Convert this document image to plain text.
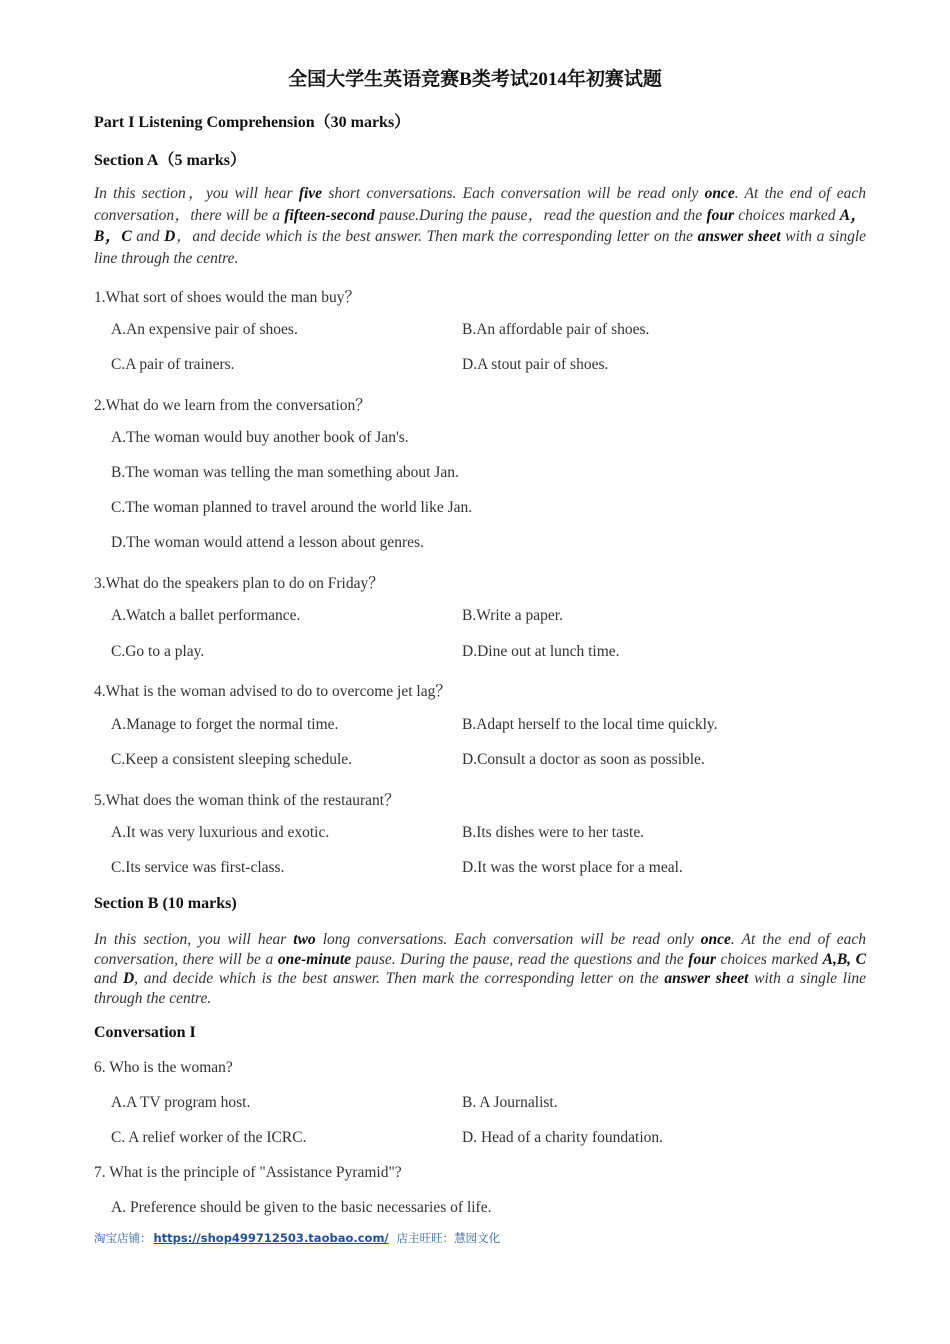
全国大学生英语竞赛B类考试2014年初赛试题
Part I Listening Comprehension（30 marks）
Section A（5 marks）
In this section，you will hear five short conversations. Each conversation will be read only once. At the end of each conversation，there will be a fifteen-second pause.During the pause，read the question and the four choices marked A，B，C and D，and decide which is the best answer. Then mark the corresponding letter on the answer sheet with a single line through the centre.
1.What sort of shoes would the man buy？
A.An expensive pair of shoes.	B.An affordable pair of shoes.
C.A pair of trainers.	D.A stout pair of shoes.
2.What do we learn from the conversation？
A.The woman would buy another book of Jan's.
B.The woman was telling the man something about Jan.
C.The woman planned to travel around the world like Jan.
D.The woman would attend a lesson about genres.
3.What do the speakers plan to do on Friday？
A.Watch a ballet performance.	B.Write a paper.
C.Go to a play.	D.Dine out at lunch time.
4.What is the woman advised to do to overcome jet lag？
A.Manage to forget the normal time.	B.Adapt herself to the local time quickly.
C.Keep a consistent sleeping schedule.	D.Consult a doctor as soon as possible.
5.What does the woman think of the restaurant？
A.It was very luxurious and exotic.	B.Its dishes were to her taste.
C.Its service was first-class.	D.It was the worst place for a meal.
Section B (10 marks)
In this section, you will hear two long conversations. Each conversation will be read only once. At the end of each conversation, there will be a one-minute pause. During the pause, read the questions and the four choices marked A,B, C and D, and decide which is the best answer. Then mark the corresponding letter on the answer sheet with a single line through the centre.
Conversation I
6. Who is the woman?
A.A TV program host.	B. A Journalist.
C. A relief worker of the ICRC.	D. Head of a charity foundation.
7. What is the principle of "Assistance Pyramid"?
A. Preference should be given to the basic necessaries of life.
淘宝店铺： https://shop499712503.taobao.com/ 店主旺旺：慧园文化
